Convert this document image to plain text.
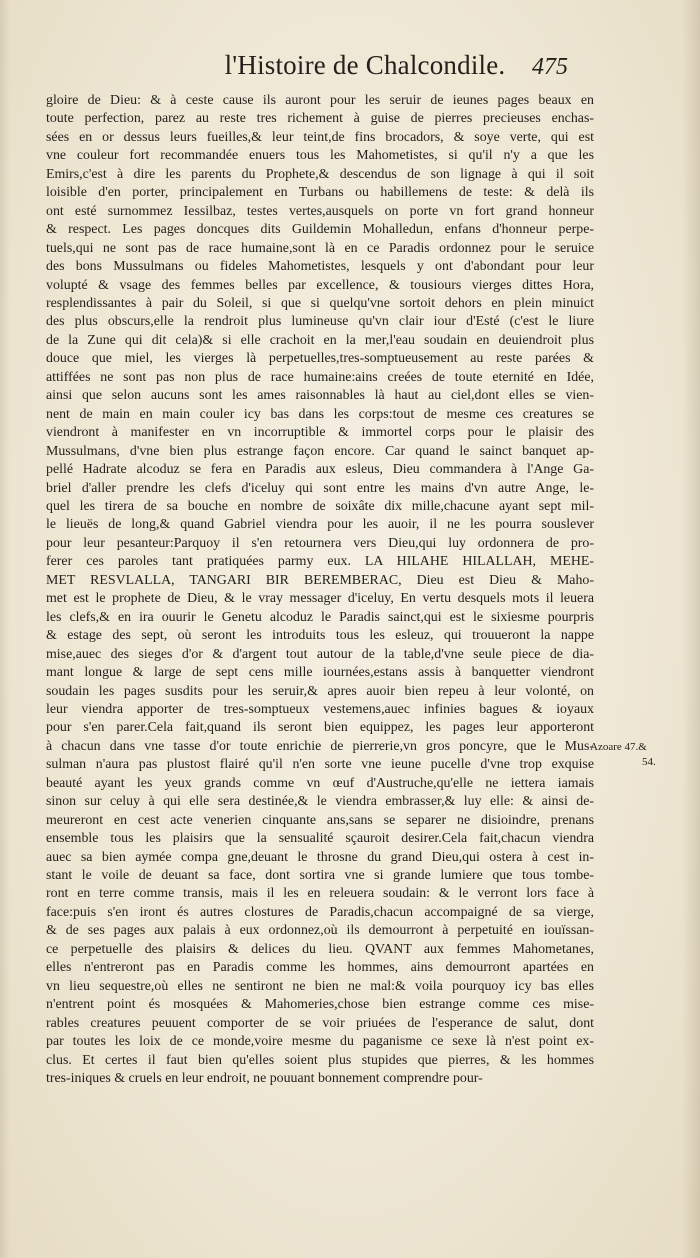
l'Histoire de Chalcondile.	475
gloire de Dieu: & à ceste cause ils auront pour les seruir de ieunes pages beaux en
toute perfection, parez au reste tres richement à guise de pierres precieuses enchas-
sées en or dessus leurs fueilles,& leur teint,de fins brocadors, & soye verte, qui est
vne couleur fort recommandée enuers tous les Mahometistes, si qu'il n'y a que les
Emirs,c'est à dire les parents du Prophete,& descendus de son lignage à qui il soit
loisible d'en porter, principalement en Turbans ou habillemens de teste: & delà ils
ont esté surnommez Iessilbaz, testes vertes,ausquels on porte vn fort grand honneur
& respect. Les pages doncques dits Guildemin Mohalledun, enfans d'honneur perpe-
tuels,qui ne sont pas de race humaine,sont là en ce Paradis ordonnez pour le seruice
des bons Mussulmans ou fideles Mahometistes, lesquels y ont d'abondant pour leur
volupté & vsage des femmes belles par excellence, & tousiours vierges dittes Hora,
resplendissantes à pair du Soleil, si que si quelqu'vne sortoit dehors en plein minuict
des plus obscurs,elle la rendroit plus lumineuse qu'vn clair iour d'Esté (c'est le liure
de la Zune qui dit cela)& si elle crachoit en la mer,l'eau soudain en deuiendroit plus
douce que miel, les vierges là perpetuelles,tres-somptueusement au reste parées &
attiffées ne sont pas non plus de race humaine:ains creées de toute eternité en Idée,
ainsi que selon aucuns sont les ames raisonnables là haut au ciel,dont elles se vien-
nent de main en main couler icy bas dans les corps:tout de mesme ces creatures se
viendront à manifester en vn incorruptible & immortel corps pour le plaisir des
Mussulmans, d'vne bien plus estrange façon encore. Car quand le sainct banquet ap-
pellé Hadrate alcoduz se fera en Paradis aux esleus, Dieu commandera à l'Ange Ga-
briel d'aller prendre les clefs d'iceluy qui sont entre les mains d'vn autre Ange, le-
quel les tirera de sa bouche en nombre de soixâte dix mille,chacune ayant sept mil-
le lieuës de long,& quand Gabriel viendra pour les auoir, il ne les pourra souslever
pour leur pesanteur:Parquoy il s'en retournera vers Dieu,qui luy ordonnera de pro-
ferer ces paroles tant pratiquées parmy eux. LA HILAHE HILALLAH, MEHE-
MET RESVLALLA, TANGARI BIR BEREMBERAC, Dieu est Dieu & Maho-
met est le prophete de Dieu, & le vray messager d'iceluy, En vertu desquels mots il leuera
les clefs,& en ira ouurir le Genetu alcoduz le Paradis sainct,qui est le sixiesme pourpris
& estage des sept, où seront les introduits tous les esleuz, qui trouueront la nappe
mise,auec des sieges d'or & d'argent tout autour de la table,d'vne seule piece de dia-
mant longue & large de sept cens mille iournées,estans assis à banquetter viendront
soudain les pages susdits pour les seruir,& apres auoir bien repeu à leur volonté, on
leur viendra apporter de tres-somptueux vestemens,auec infinies bagues & ioyaux
pour s'en parer.Cela fait,quand ils seront bien equippez, les pages leur apporteront
à chacun dans vne tasse d'or toute enrichie de pierrerie,vn gros poncyre, que le Mus-
sulman n'aura pas plustost flairé qu'il n'en sorte vne ieune pucelle d'vne trop exquise
beauté ayant les yeux grands comme vn œuf d'Austruche,qu'elle ne iettera iamais
sinon sur celuy à qui elle sera destinée,& le viendra embrasser,& luy elle: & ainsi de-
meureront en cest acte venerien cinquante ans,sans se separer ne disioindre, prenans
ensemble tous les plaisirs que la sensualité sçauroit desirer.Cela fait,chacun viendra
auec sa bien aymée compa gne,deuant le throsne du grand Dieu,qui ostera à cest in-
stant le voile de deuant sa face, dont sortira vne si grande lumiere que tous tombe-
ront en terre comme transis, mais il les en releuera soudain: & le verront lors face à
face:puis s'en iront és autres clostures de Paradis,chacun accompaigné de sa vierge,
& de ses pages aux palais à eux ordonnez,où ils demourront à perpetuité en iouïssan-
ce perpetuelle des plaisirs & delices du lieu. QVANT aux femmes Mahometanes,
elles n'entreront pas en Paradis comme les hommes, ains demourront apartées en
vn lieu sequestre,où elles ne sentiront ne bien ne mal:& voila pourquoy icy bas elles
n'entrent point és mosquées & Mahomeries,chose bien estrange comme ces mise-
rables creatures peuuent comporter de se voir priuées de l'esperance de salut, dont
par toutes les loix de ce monde,voire mesme du paganisme ce sexe là n'est point ex-
clus. Et certes il faut bien qu'elles soient plus stupides que pierres, & les hommes
tres-iniques & cruels en leur endroit, ne pouuant bonnement comprendre pour-
Azoare 47.&
54.
